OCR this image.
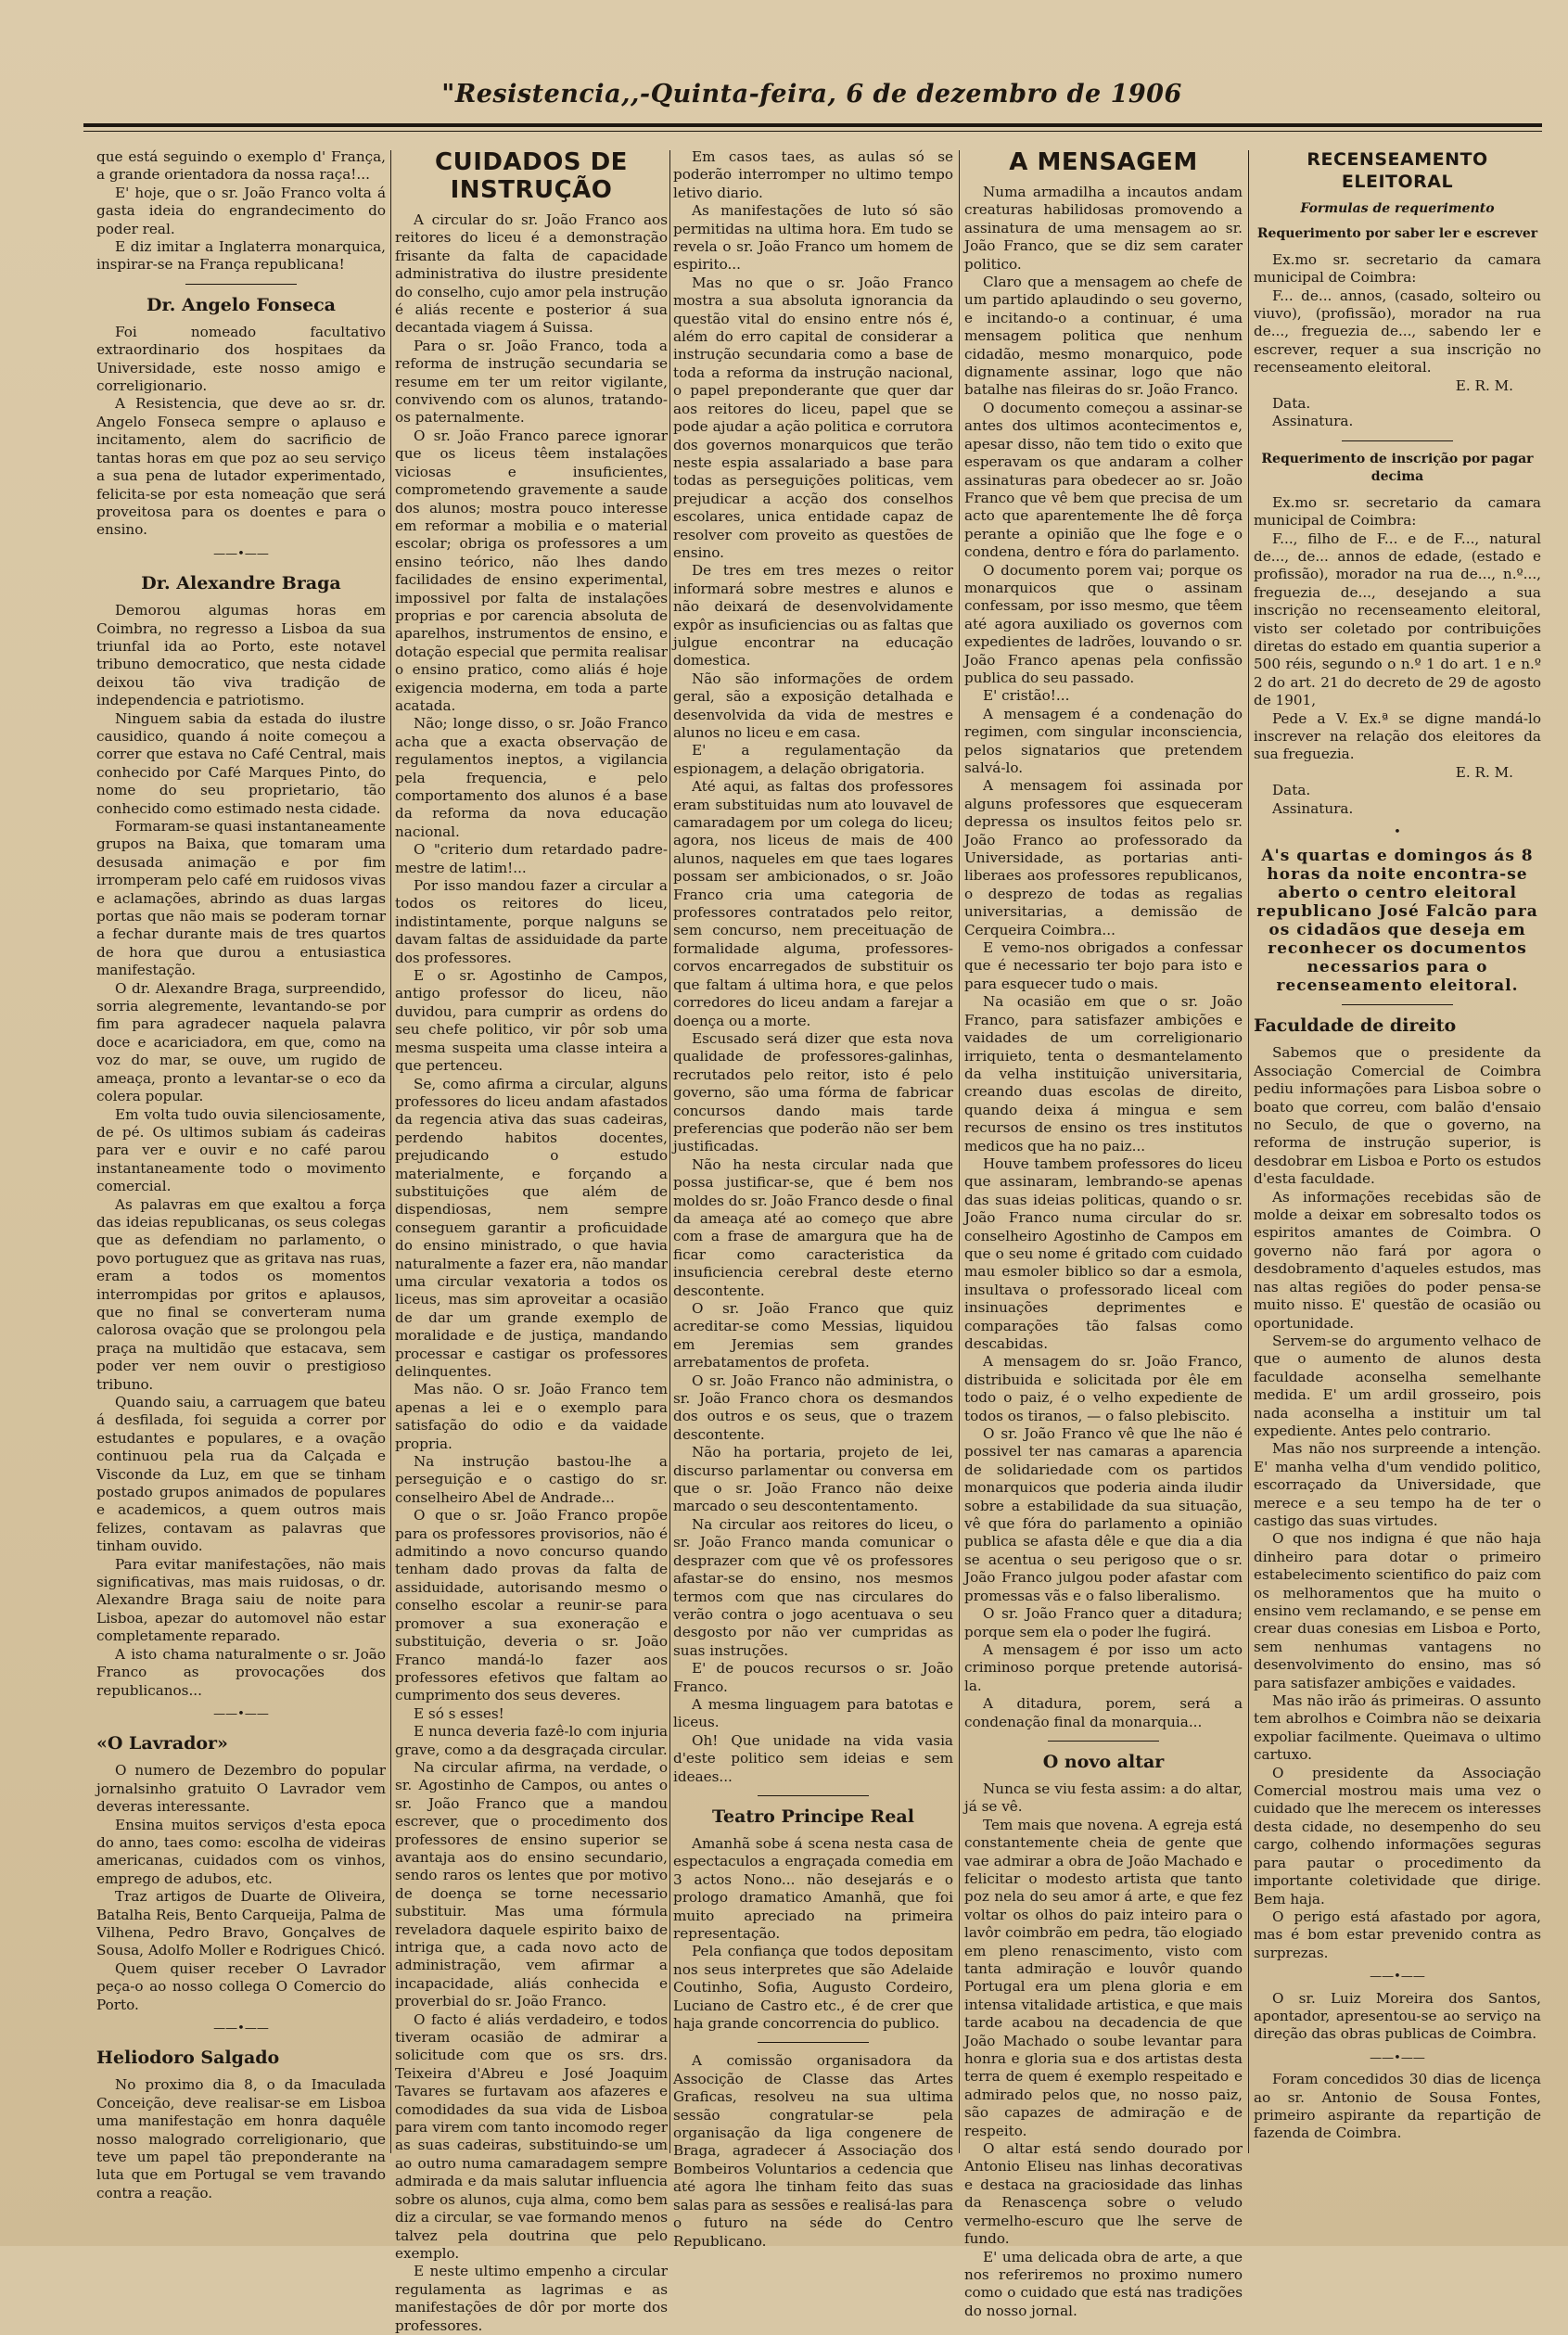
"Resistencia,,-Quinta-feira, 6 de dezembro de 1906

que está seguindo o exemplo d' França, a grande orientadora da nossa raça!...

E' hoje, que o sr. João Franco volta á gasta ideia do engrandecimento do poder real.

E diz imitar a Inglaterra monarquica, inspirar-se na França republicana!

Dr. Angelo Fonseca

Foi nomeado facultativo extraordinario dos hospitaes da Universidade, este nosso amigo e correligionario.

A Resistencia, que deve ao sr. dr. Angelo Fonseca sempre o aplauso e incitamento, alem do sacrificio de tantas horas em que poz ao seu serviço a sua pena de lutador experimentado, felicita-se por esta nomeação que será proveitosa para os doentes e para o ensino.

——•——
Dr. Alexandre Braga

Demorou algumas horas em Coimbra, no regresso a Lisboa da sua triunfal ida ao Porto, este notavel tribuno democratico, que nesta cidade deixou tão viva tradição de independencia e patriotismo.

Ninguem sabia da estada do ilustre causidico, quando á noite começou a correr que estava no Café Central, mais conhecido por Café Marques Pinto, do nome do seu proprietario, tão conhecido como estimado nesta cidade.

Formaram-se quasi instantaneamente grupos na Baixa, que tomaram uma desusada animação e por fim irromperam pelo café em ruidosos vivas e aclamações, abrindo as duas largas portas que não mais se poderam tornar a fechar durante mais de tres quartos de hora que durou a entusiastica manifestação.

O dr. Alexandre Braga, surpreendido, sorria alegremente, levantando-se por fim para agradecer naquela palavra doce e acariciadora, em que, como na voz do mar, se ouve, um rugido de ameaça, pronto a levantar-se o eco da colera popular.

Em volta tudo ouvia silenciosamente, de pé. Os ultimos subiam ás cadeiras para ver e ouvir e no café parou instantaneamente todo o movimento comercial.

As palavras em que exaltou a força das ideias republicanas, os seus colegas que as defendiam no parlamento, o povo portuguez que as gritava nas ruas, eram a todos os momentos interrompidas por gritos e aplausos, que no final se converteram numa calorosa ovação que se prolongou pela praça na multidão que estacava, sem poder ver nem ouvir o prestigioso tribuno.

Quando saiu, a carruagem que bateu á desfilada, foi seguida a correr por estudantes e populares, e a ovação continuou pela rua da Calçada e Visconde da Luz, em que se tinham postado grupos animados de populares e academicos, a quem outros mais felizes, contavam as palavras que tinham ouvido.

Para evitar manifestações, não mais significativas, mas mais ruidosas, o dr. Alexandre Braga saiu de noite para Lisboa, apezar do automovel não estar completamente reparado.

A isto chama naturalmente o sr. João Franco as provocações dos republicanos...

——•——
«O Lavrador»

O numero de Dezembro do popular jornalsinho gratuito O Lavrador vem deveras interessante.

Ensina muitos serviços d'esta epoca do anno, taes como: escolha de videiras americanas, cuidados com os vinhos, emprego de adubos, etc.

Traz artigos de Duarte de Oliveira, Batalha Reis, Bento Carqueija, Palma de Vilhena, Pedro Bravo, Gonçalves de Sousa, Adolfo Moller e Rodrigues Chicó.

Quem quiser receber O Lavrador peça-o ao nosso collega O Comercio do Porto.

——•——
Heliodoro Salgado

No proximo dia 8, o da Imaculada Conceição, deve realisar-se em Lisboa uma manifestação em honra daquêle nosso malogrado correligionario, que teve um papel tão preponderante na luta que em Portugal se vem travando contra a reação.

CUIDADOS DE INSTRUÇÃO

A circular do sr. João Franco aos reitores do liceu é a demonstração frisante da falta de capacidade administrativa do ilustre presidente do conselho, cujo amor pela instrução é aliás recente e posterior á sua decantada viagem á Suissa.

Para o sr. João Franco, toda a reforma de instrução secundaria se resume em ter um reitor vigilante, convivendo com os alunos, tratando-os paternalmente.

O sr. João Franco parece ignorar que os liceus têem instalações viciosas e insuficientes, comprometendo gravemente a saude dos alunos; mostra pouco interesse em reformar a mobilia e o material escolar; obriga os professores a um ensino teórico, não lhes dando facilidades de ensino experimental, impossivel por falta de instalações proprias e por carencia absoluta de aparelhos, instrumentos de ensino, e dotação especial que permita realisar o ensino pratico, como aliás é hoje exigencia moderna, em toda a parte acatada.

Não; longe disso, o sr. João Franco acha que a exacta observação de regulamentos ineptos, a vigilancia pela frequencia, e pelo comportamento dos alunos é a base da reforma da nova educação nacional.

O "criterio dum retardado padre-mestre de latim!...

Por isso mandou fazer a circular a todos os reitores do liceu, indistintamente, porque nalguns se davam faltas de assiduidade da parte dos professores.

E o sr. Agostinho de Campos, antigo professor do liceu, não duvidou, para cumprir as ordens do seu chefe politico, vir pôr sob uma mesma suspeita uma classe inteira a que pertenceu.

Se, como afirma a circular, alguns professores do liceu andam afastados da regencia ativa das suas cadeiras, perdendo habitos docentes, prejudicando o estudo materialmente, e forçando a substituições que além de dispendiosas, nem sempre conseguem garantir a proficuidade do ensino ministrado, o que havia naturalmente a fazer era, não mandar uma circular vexatoria a todos os liceus, mas sim aproveitar a ocasião de dar um grande exemplo de moralidade e de justiça, mandando processar e castigar os professores delinquentes.

Mas não. O sr. João Franco tem apenas a lei e o exemplo para satisfação do odio e da vaidade propria.

Na instrução bastou-lhe a perseguição e o castigo do sr. conselheiro Abel de Andrade...

O que o sr. João Franco propõe para os professores provisorios, não é admitindo a novo concurso quando tenham dado provas da falta de assiduidade, autorisando mesmo o conselho escolar a reunir-se para promover a sua exoneração e substituição, deveria o sr. João Franco mandá-lo fazer aos professores efetivos que faltam ao cumprimento dos seus deveres.

E só s esses!

E nunca deveria fazê-lo com injuria grave, como a da desgraçada circular.

Na circular afirma, na verdade, o sr. Agostinho de Campos, ou antes o sr. João Franco que a mandou escrever, que o procedimento dos professores de ensino superior se avantaja aos do ensino secundario, sendo raros os lentes que por motivo de doença se torne necessario substituir. Mas uma fórmula reveladora daquele espirito baixo de intriga que, a cada novo acto de administração, vem afirmar a incapacidade, aliás conhecida e proverbial do sr. João Franco.

O facto é aliás verdadeiro, e todos tiveram ocasião de admirar a solicitude com que os srs. drs. Teixeira d'Abreu e José Joaquim Tavares se furtavam aos afazeres e comodidades da sua vida de Lisboa para virem com tanto incomodo reger as suas cadeiras, substituindo-se um ao outro numa camaradagem sempre admirada e da mais salutar influencia sobre os alunos, cuja alma, como bem diz a circular, se vae formando menos talvez pela doutrina que pelo exemplo.

E neste ultimo empenho a circular regulamenta as lagrimas e as manifestações de dôr por morte dos professores.

Em casos taes, as aulas só se poderão interromper no ultimo tempo letivo diario.

As manifestações de luto só são permitidas na ultima hora. Em tudo se revela o sr. João Franco um homem de espirito...

Mas no que o sr. João Franco mostra a sua absoluta ignorancia da questão vital do ensino entre nós é, além do erro capital de considerar a instrução secundaria como a base de toda a reforma da instrução nacional, o papel preponderante que quer dar aos reitores do liceu, papel que se pode ajudar a ação politica e corrutora dos governos monarquicos que terão neste espia assalariado a base para todas as perseguições politicas, vem prejudicar a acção dos conselhos escolares, unica entidade capaz de resolver com proveito as questões de ensino.

De tres em tres mezes o reitor informará sobre mestres e alunos e não deixará de desenvolvidamente expôr as insuficiencias ou as faltas que julgue encontrar na educação domestica.

Não são informações de ordem geral, são a exposição detalhada e desenvolvida da vida de mestres e alunos no liceu e em casa.

E' a regulamentação da espionagem, a delação obrigatoria.

Até aqui, as faltas dos professores eram substituidas num ato louvavel de camaradagem por um colega do liceu; agora, nos liceus de mais de 400 alunos, naqueles em que taes logares possam ser ambicionados, o sr. João Franco cria uma categoria de professores contratados pelo reitor, sem concurso, nem preceituação de formalidade alguma, professores-corvos encarregados de substituir os que faltam á ultima hora, e que pelos corredores do liceu andam a farejar a doença ou a morte.

Escusado será dizer que esta nova qualidade de professores-galinhas, recrutados pelo reitor, isto é pelo governo, são uma fórma de fabricar concursos dando mais tarde preferencias que poderão não ser bem justificadas.

Não ha nesta circular nada que possa justificar-se, que é bem nos moldes do sr. João Franco desde o final da ameaça até ao começo que abre com a frase de amargura que ha de ficar como caracteristica da insuficiencia cerebral deste eterno descontente.

O sr. João Franco que quiz acreditar-se como Messias, liquidou em Jeremias sem grandes arrebatamentos de profeta.

O sr. João Franco não administra, o sr. João Franco chora os desmandos dos outros e os seus, que o trazem descontente.

Não ha portaria, projeto de lei, discurso parlamentar ou conversa em que o sr. João Franco não deixe marcado o seu descontentamento.

Na circular aos reitores do liceu, o sr. João Franco manda comunicar o desprazer com que vê os professores afastar-se do ensino, nos mesmos termos com que nas circulares do verão contra o jogo acentuava o seu desgosto por não ver cumpridas as suas instruções.

E' de poucos recursos o sr. João Franco.

A mesma linguagem para batotas e liceus.

Oh! Que unidade na vida vasia d'este politico sem ideias e sem ideaes...

Teatro Principe Real

Amanhã sobe á scena nesta casa de espectaculos a engraçada comedia em 3 actos Nono... não desejarás e o prologo dramatico Amanhã, que foi muito apreciado na primeira representação.

Pela confiança que todos depositam nos seus interpretes que são Adelaide Coutinho, Sofia, Augusto Cordeiro, Luciano de Castro etc., é de crer que haja grande concorrencia do publico.

A comissão organisadora da Associção de Classe das Artes Graficas, resolveu na sua ultima sessão congratular-se pela organisação da liga congenere de Braga, agradecer á Associação dos Bombeiros Voluntarios a cedencia que até agora lhe tinham feito das suas salas para as sessões e realisá-las para o futuro na séde do Centro Republicano.

A MENSAGEM

Numa armadilha a incautos andam creaturas habilidosas promovendo a assinatura de uma mensagem ao sr. João Franco, que se diz sem carater politico.

Claro que a mensagem ao chefe de um partido aplaudindo o seu governo, e incitando-o a continuar, é uma mensagem politica que nenhum cidadão, mesmo monarquico, pode dignamente assinar, logo que não batalhe nas fileiras do sr. João Franco.

O documento começou a assinar-se antes dos ultimos acontecimentos e, apesar disso, não tem tido o exito que esperavam os que andaram a colher assinaturas para obedecer ao sr. João Franco que vê bem que precisa de um acto que aparentemente lhe dê força perante a opinião que lhe foge e o condena, dentro e fóra do parlamento.

O documento porem vai; porque os monarquicos que o assinam confessam, por isso mesmo, que têem até agora auxiliado os governos com expedientes de ladrões, louvando o sr. João Franco apenas pela confissão publica do seu passado.

E' cristão!...

A mensagem é a condenação do regimen, com singular inconsciencia, pelos signatarios que pretendem salvá-lo.

A mensagem foi assinada por alguns professores que esqueceram depressa os insultos feitos pelo sr. João Franco ao professorado da Universidade, as portarias anti-liberaes aos professores republicanos, o desprezo de todas as regalias universitarias, a demissão de Cerqueira Coimbra...

E vemo-nos obrigados a confessar que é necessario ter bojo para isto e para esquecer tudo o mais.

Na ocasião em que o sr. João Franco, para satisfazer ambições e vaidades de um correligionario irriquieto, tenta o desmantelamento da velha instituição universitaria, creando duas escolas de direito, quando deixa á mingua e sem recursos de ensino os tres institutos medicos que ha no paiz...

Houve tambem professores do liceu que assinaram, lembrando-se apenas das suas ideias politicas, quando o sr. João Franco numa circular do sr. conselheiro Agostinho de Campos em que o seu nome é gritado com cuidado mau esmoler biblico so dar a esmola, insultava o professorado liceal com insinuações deprimentes e comparações tão falsas como descabidas.

A mensagem do sr. João Franco, distribuida e solicitada por êle em todo o paiz, é o velho expediente de todos os tiranos, — o falso plebiscito.

O sr. João Franco vê que lhe não é possivel ter nas camaras a aparencia de solidariedade com os partidos monarquicos que poderia ainda iludir sobre a estabilidade da sua situação, vê que fóra do parlamento a opinião publica se afasta dêle e que dia a dia se acentua o seu perigoso que o sr. João Franco julgou poder afastar com promessas vãs e o falso liberalismo.

O sr. João Franco quer a ditadura; porque sem ela o poder lhe fugirá.

A mensagem é por isso um acto criminoso porque pretende autorisá-la.

A ditadura, porem, será a condenação final da monarquia...

O novo altar

Nunca se viu festa assim: a do altar, já se vê.

Tem mais que novena. A egreja está constantemente cheia de gente que vae admirar a obra de João Machado e felicitar o modesto artista que tanto poz nela do seu amor á arte, e que fez voltar os olhos do paiz inteiro para o lavôr coimbrão em pedra, tão elogiado em pleno renascimento, visto com tanta admiração e louvôr quando Portugal era um plena gloria e em intensa vitalidade artistica, e que mais tarde acabou na decadencia de que João Machado o soube levantar para honra e gloria sua e dos artistas desta terra de quem é exemplo respeitado e admirado pelos que, no nosso paiz, são capazes de admiração e de respeito.

O altar está sendo dourado por Antonio Eliseu nas linhas decorativas e destaca na graciosidade das linhas da Renascença sobre o veludo vermelho-escuro que lhe serve de fundo.

E' uma delicada obra de arte, a que nos referiremos no proximo numero como o cuidado que está nas tradições do nosso jornal.

RECENSEAMENTO ELEITORAL
Formulas de requerimento
Requerimento por saber ler e escrever

Ex.mo sr. secretario da camara municipal de Coimbra:

F... de... annos, (casado, solteiro ou viuvo), (profissão), morador na rua de..., freguezia de..., sabendo ler e escrever, requer a sua inscrição no recenseamento eleitoral.

E. R. M.

Data.

Assinatura.

Requerimento de inscrição por pagar decima

Ex.mo sr. secretario da camara municipal de Coimbra:

F..., filho de F... e de F..., natural de..., de... annos de edade, (estado e profissão), morador na rua de..., n.º..., freguezia de..., desejando a sua inscrição no recenseamento eleitoral, visto ser coletado por contribuições diretas do estado em quantia superior a 500 réis, segundo o n.º 1 do art. 1 e n.º 2 do art. 21 do decreto de 29 de agosto de 1901,

Pede a V. Ex.ª se digne mandá-lo inscrever na relação dos eleitores da sua freguezia.

E. R. M.

Data.

Assinatura.

•
A's quartas e domingos ás 8 horas da noite encontra-se aberto o centro eleitoral republicano José Falcão para os cidadãos que deseja em reconhecer os documentos necessarios para o recenseamento eleitoral.
Faculdade de direito

Sabemos que o presidente da Associação Comercial de Coimbra pediu informações para Lisboa sobre o boato que correu, com balão d'ensaio no Seculo, de que o governo, na reforma de instrução superior, is desdobrar em Lisboa e Porto os estudos d'esta faculdade.

As informações recebidas são de molde a deixar em sobresalto todos os espiritos amantes de Coimbra. O governo não fará por agora o desdobramento d'aqueles estudos, mas nas altas regiões do poder pensa-se muito nisso. E' questão de ocasião ou oportunidade.

Servem-se do argumento velhaco de que o aumento de alunos desta faculdade aconselha semelhante medida. E' um ardil grosseiro, pois nada aconselha a instituir um tal expediente. Antes pelo contrario.

Mas não nos surpreende a intenção. E' manha velha d'um vendido politico, escorraçado da Universidade, que merece e a seu tempo ha de ter o castigo das suas virtudes.

O que nos indigna é que não haja dinheiro para dotar o primeiro estabelecimento scientifico do paiz com os melhoramentos que ha muito o ensino vem reclamando, e se pense em crear duas conesias em Lisboa e Porto, sem nenhumas vantagens no desenvolvimento do ensino, mas só para satisfazer ambições e vaidades.

Mas não irão ás primeiras. O assunto tem abrolhos e Coimbra não se deixaria expoliar facilmente. Queimava o ultimo cartuxo.

O presidente da Associação Comercial mostrou mais uma vez o cuidado que lhe merecem os interesses desta cidade, no desempenho do seu cargo, colhendo informações seguras para pautar o procedimento da importante coletividade que dirige. Bem haja.

O perigo está afastado por agora, mas é bom estar prevenido contra as surprezas.

——•——

O sr. Luiz Moreira dos Santos, apontador, apresentou-se ao serviço na direção das obras publicas de Coimbra.

——•——

Foram concedidos 30 dias de licença ao sr. Antonio de Sousa Fontes, primeiro aspirante da repartição de fazenda de Coimbra.
